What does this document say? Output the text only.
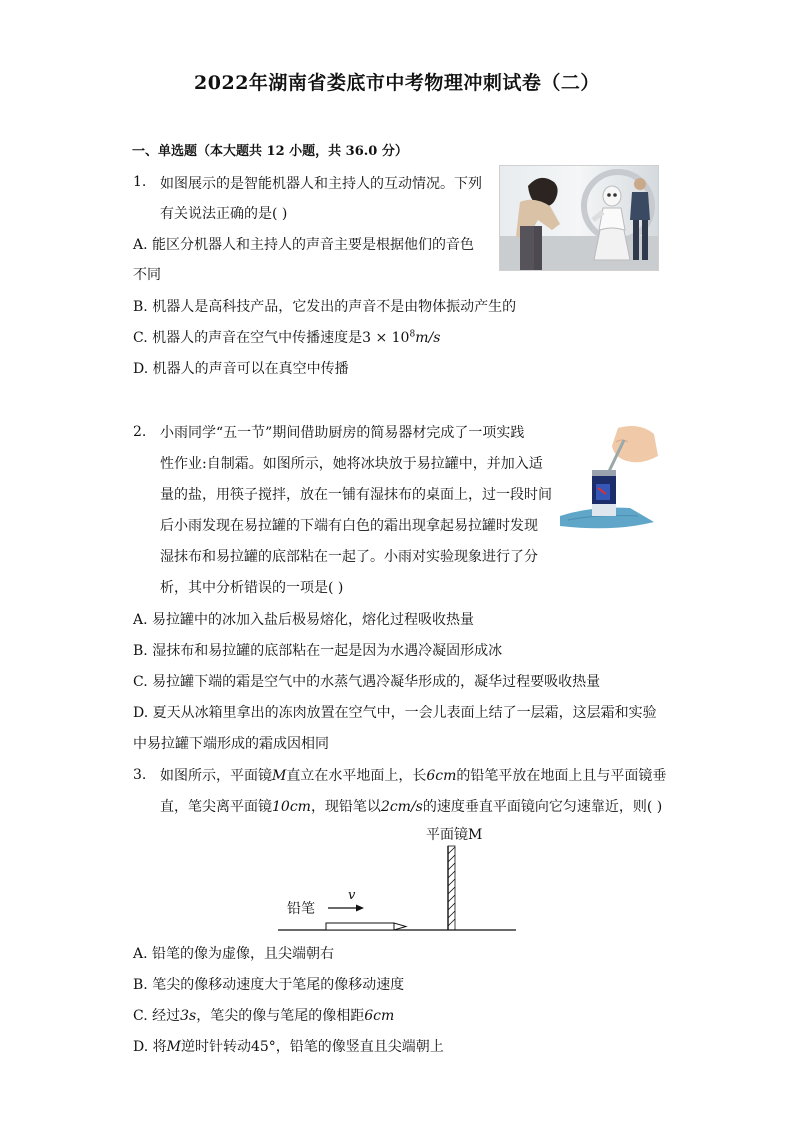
2022年湖南省娄底市中考物理冲刺试卷（二）
一、单选题（本大题共 12 小题，共 36.0 分）
1. 如图展示的是智能机器人和主持人的互动情况。下列
有关说法正确的是( )
A. 能区分机器人和主持人的声音主要是根据他们的音色
不同
B. 机器人是高科技产品，它发出的声音不是由物体振动产生的
C. 机器人的声音在空气中传播速度是$3 \times 10^8m/s$
D. 机器人的声音可以在真空中传播
2. 小雨同学“五一节”期间借助厨房的简易器材完成了一项实践
性作业:自制霜。如图所示，她将冰块放于易拉罐中，并加入适
量的盐，用筷子搅拌，放在一铺有湿抹布的桌面上，过一段时间
后小雨发现在易拉罐的下端有白色的霜出现拿起易拉罐时发现
湿抹布和易拉罐的底部粘在一起了。小雨对实验现象进行了分
析，其中分析错误的一项是( )
A. 易拉罐中的冰加入盐后极易熔化，熔化过程吸收热量
B. 湿抹布和易拉罐的底部粘在一起是因为水遇冷凝固形成冰
C. 易拉罐下端的霜是空气中的水蒸气遇冷凝华形成的，凝华过程要吸收热量
D. 夏天从冰箱里拿出的冻肉放置在空气中，一会儿表面上结了一层霜，这层霜和实验
中易拉罐下端形成的霜成因相同
3. 如图所示，平面镜M直立在水平地面上，长6cm的铅笔平放在地面上且与平面镜垂
直，笔尖离平面镜10cm，现铅笔以2cm/s的速度垂直平面镜向它匀速靠近，则( )
平面镜M
铅笔
v
A. 铅笔的像为虚像，且尖端朝右
B. 笔尖的像移动速度大于笔尾的像移动速度
C. 经过3s，笔尖的像与笔尾的像相距6cm
D. 将M逆时针转动45°，铅笔的像竖直且尖端朝上
